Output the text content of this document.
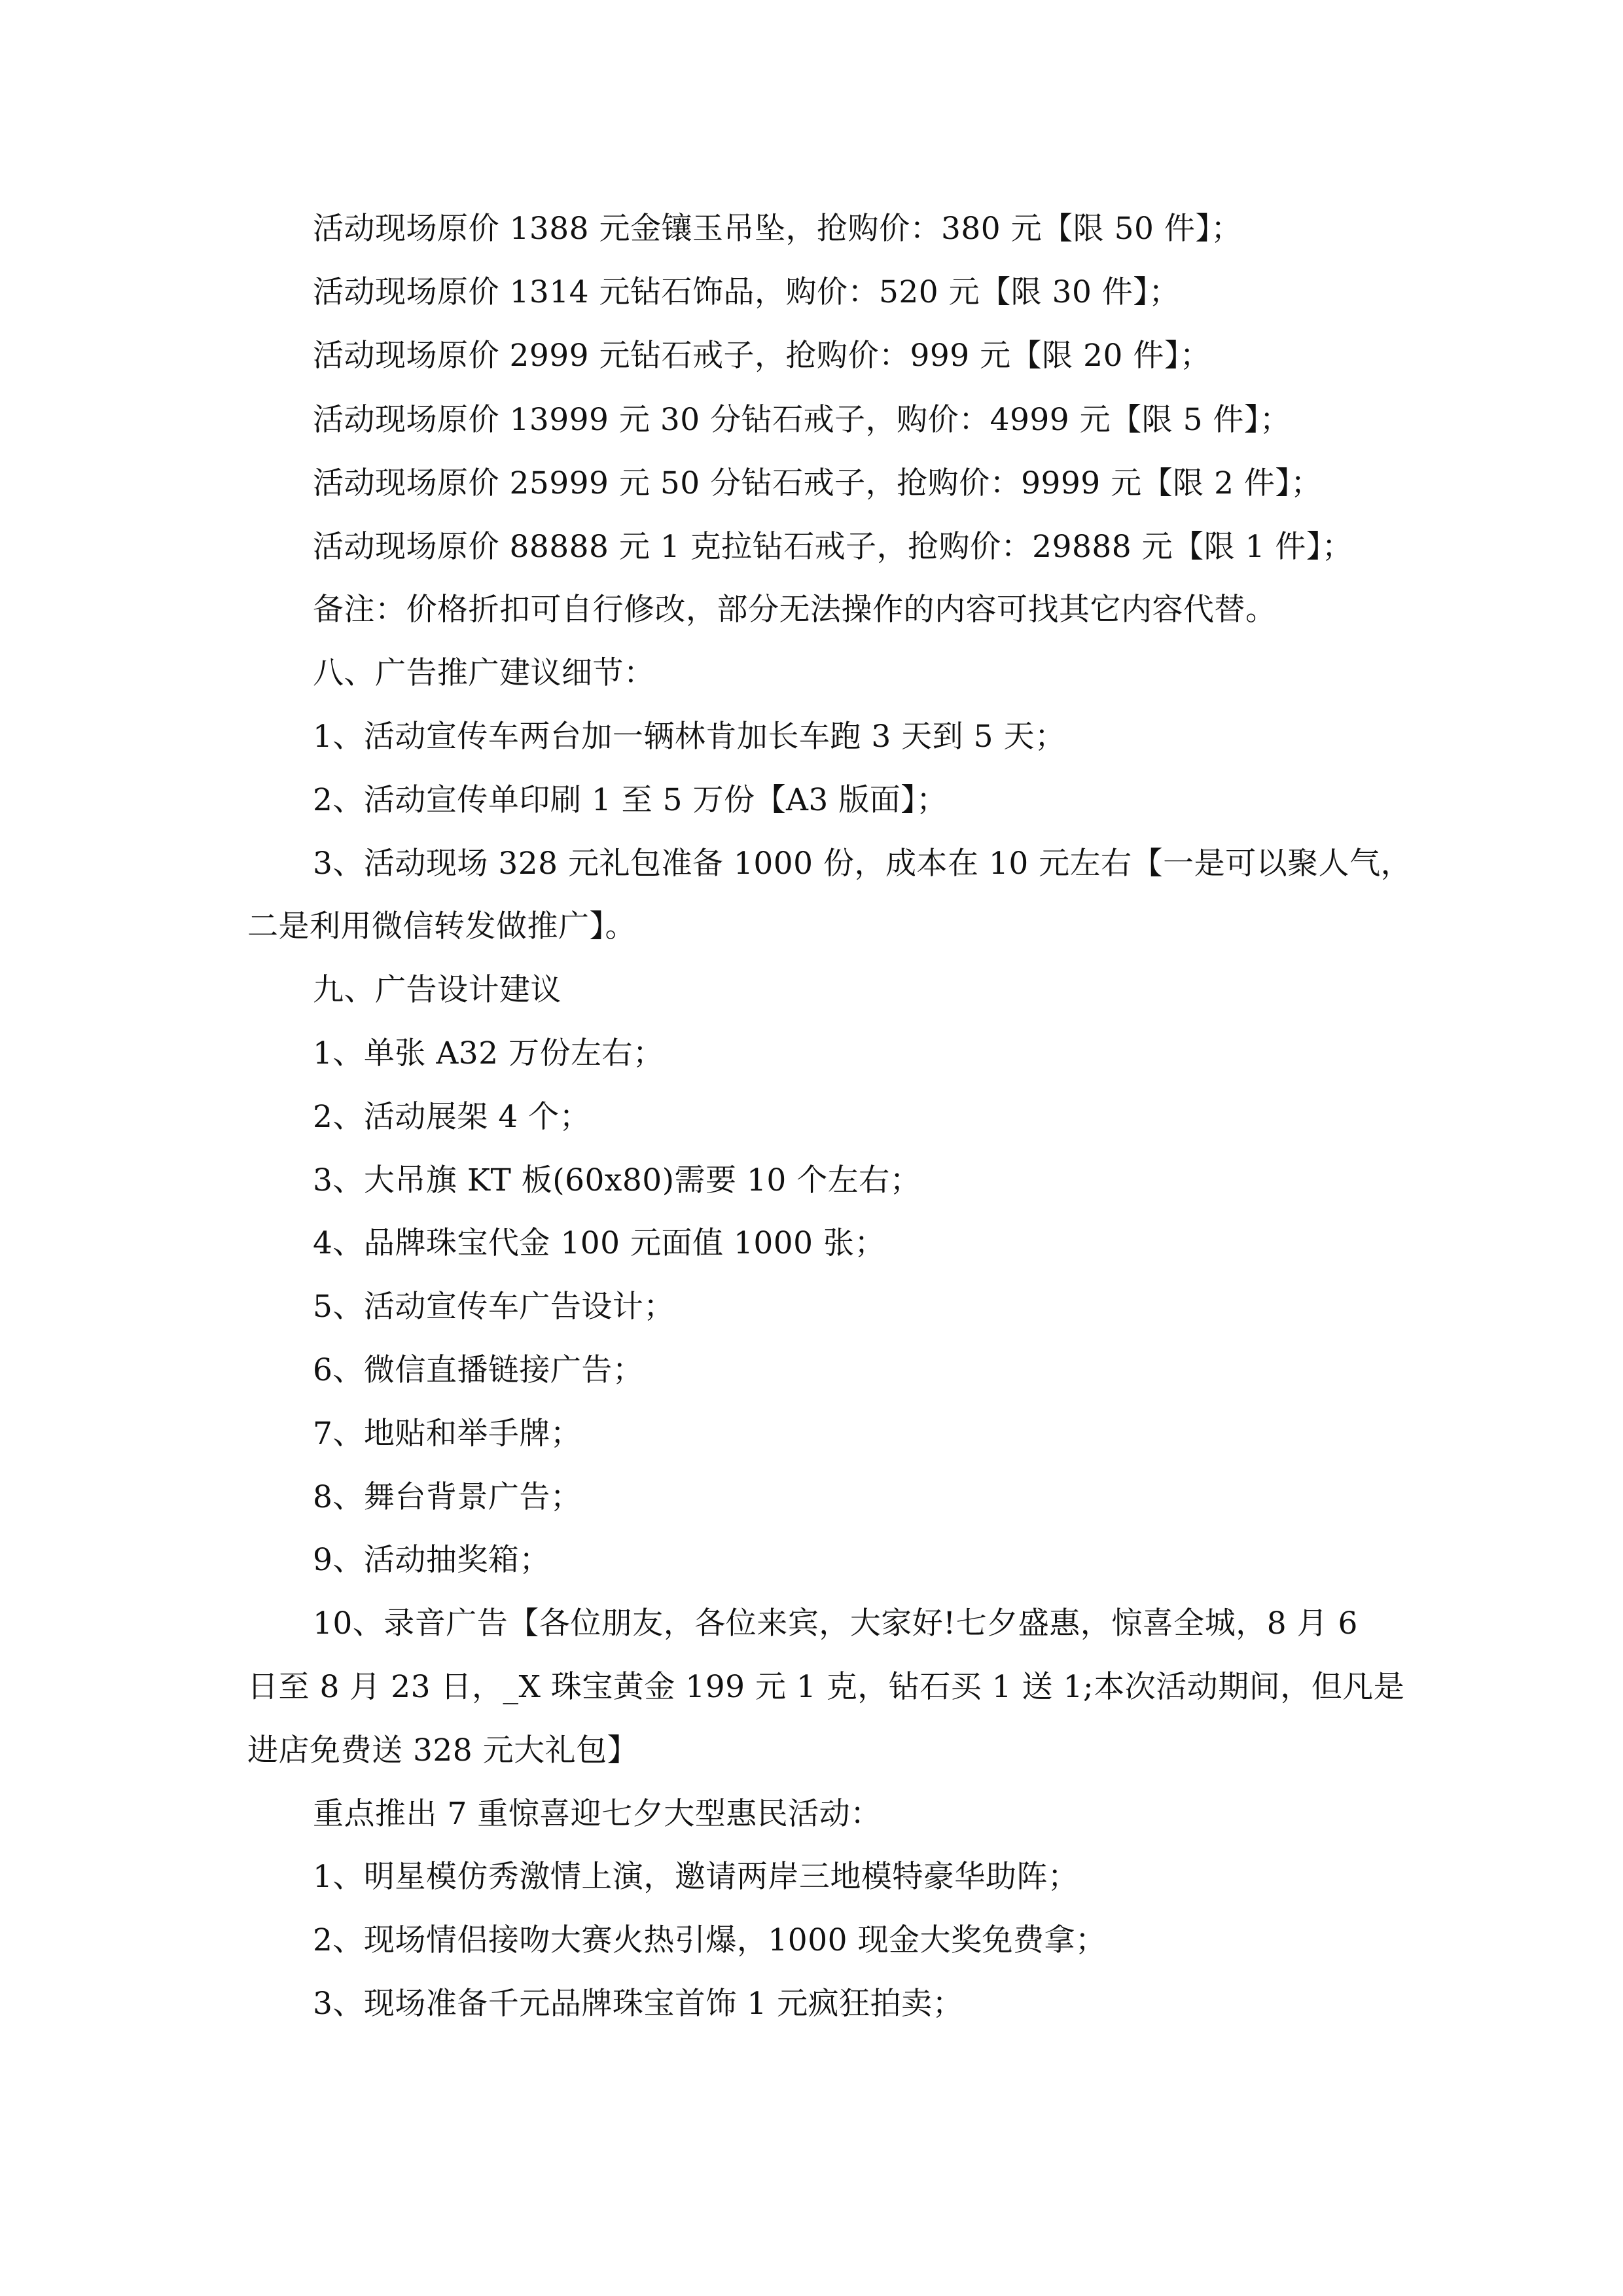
活动现场原价 1388 元金镶玉吊坠，抢购价：380 元【限 50 件】；
活动现场原价 1314 元钻石饰品，购价：520 元【限 30 件】；
活动现场原价 2999 元钻石戒子，抢购价：999 元【限 20 件】；
活动现场原价 13999 元 30 分钻石戒子，购价：4999 元【限 5 件】；
活动现场原价 25999 元 50 分钻石戒子，抢购价：9999 元【限 2 件】；
活动现场原价 88888 元 1 克拉钻石戒子，抢购价：29888 元【限 1 件】；
备注：价格折扣可自行修改，部分无法操作的内容可找其它内容代替。
八、广告推广建议细节：
1、活动宣传车两台加一辆林肯加长车跑 3 天到 5 天；
2、活动宣传单印刷 1 至 5 万份【A3 版面】；
3、活动现场 328 元礼包准备 1000 份，成本在 10 元左右【一是可以聚人气，
二是利用微信转发做推广】。
九、广告设计建议
1、单张 A32 万份左右；
2、活动展架 4 个；
3、大吊旗 KT 板(60x80)需要 10 个左右；
4、品牌珠宝代金 100 元面值 1000 张；
5、活动宣传车广告设计；
6、微信直播链接广告；
7、地贴和举手牌；
8、舞台背景广告；
9、活动抽奖箱；
10、录音广告【各位朋友，各位来宾，大家好!七夕盛惠，惊喜全城，8 月 6
日至 8 月 23 日，_X 珠宝黄金 199 元 1 克，钻石买 1 送 1;本次活动期间，但凡是
进店免费送 328 元大礼包】
重点推出 7 重惊喜迎七夕大型惠民活动：
1、明星模仿秀激情上演，邀请两岸三地模特豪华助阵；
2、现场情侣接吻大赛火热引爆，1000 现金大奖免费拿；
3、现场准备千元品牌珠宝首饰 1 元疯狂拍卖；
